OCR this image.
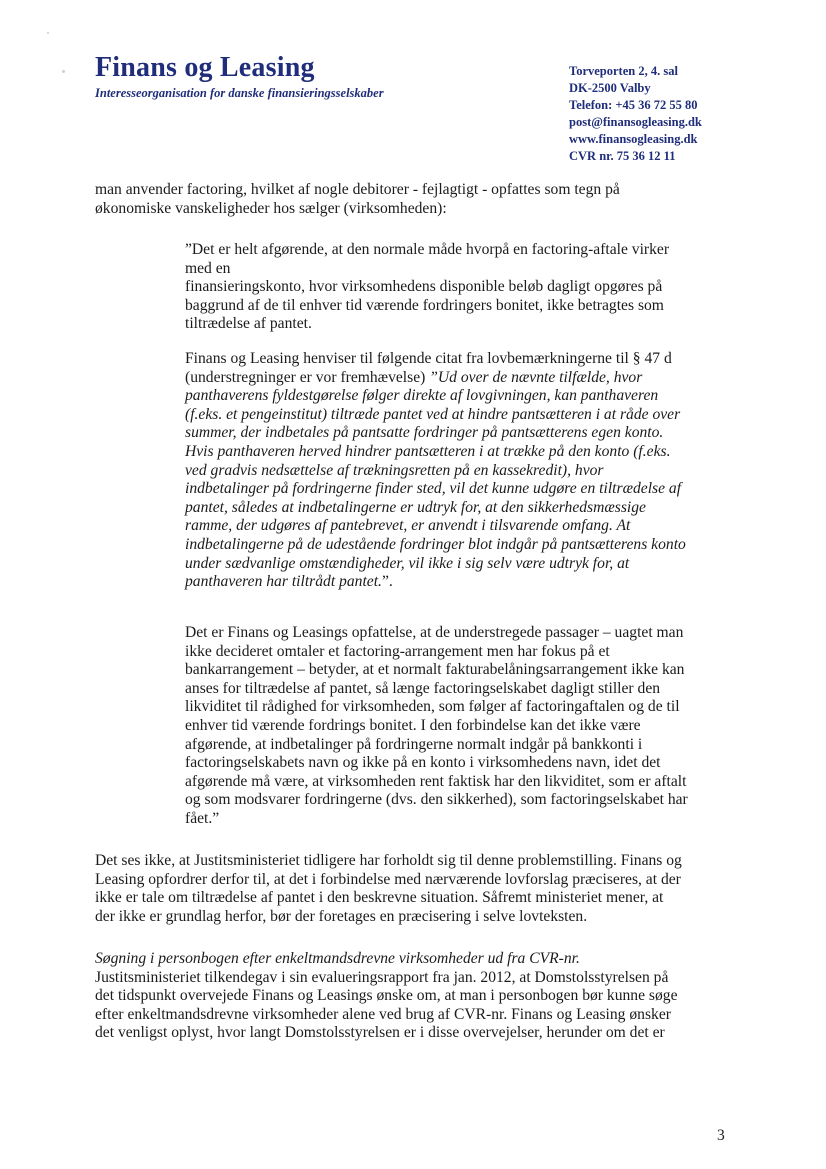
Finans og Leasing
Interesseorganisation for danske finansieringsselskaber
Torveporten 2, 4. sal
DK-2500 Valby
Telefon: +45 36 72 55 80
post@finansogleasing.dk
www.finansogleasing.dk
CVR nr. 75 36 12 11
man anvender factoring, hvilket af nogle debitorer - fejlagtigt - opfattes som tegn på
økonomiske vanskeligheder hos sælger (virksomheden):
”Det er helt afgørende, at den normale måde hvorpå en factoring-aftale virker
med en
finansieringskonto, hvor virksomhedens disponible beløb dagligt opgøres på
baggrund af de til enhver tid værende fordringers bonitet, ikke betragtes som
tiltrædelse af pantet.
Finans og Leasing henviser til følgende citat fra lovbemærkningerne til § 47 d
(understregninger er vor fremhævelse) ”Ud over de nævnte tilfælde, hvor
panthaverens fyldestgørelse følger direkte af lovgivningen, kan panthaveren
(f.eks. et pengeinstitut) tiltræde pantet ved at hindre pantsætteren i at råde over
summer, der indbetales på pantsatte fordringer på pantsætterens egen konto.
Hvis panthaveren herved hindrer pantsætteren i at trække på den konto (f.eks.
ved gradvis nedsættelse af trækningsretten på en kassekredit), hvor
indbetalinger på fordringerne finder sted, vil det kunne udgøre en tiltrædelse af
pantet, således at indbetalingerne er udtryk for, at den sikkerhedsmæssige
ramme, der udgøres af pantebrevet, er anvendt i tilsvarende omfang. At
indbetalingerne på de udestående fordringer blot indgår på pantsætterens konto
under sædvanlige omstændigheder, vil ikke i sig selv være udtryk for, at
panthaveren har tiltrådt pantet.”.
Det er Finans og Leasings opfattelse, at de understregede passager – uagtet man
ikke decideret omtaler et factoring-arrangement men har fokus på et
bankarrangement – betyder, at et normalt fakturabelåningsarrangement ikke kan
anses for tiltrædelse af pantet, så længe factoringselskabet dagligt stiller den
likviditet til rådighed for virksomheden, som følger af factoringaftalen og de til
enhver tid værende fordrings bonitet. I den forbindelse kan det ikke være
afgørende, at indbetalinger på fordringerne normalt indgår på bankkonti i
factoringselskabets navn og ikke på en konto i virksomhedens navn, idet det
afgørende må være, at virksomheden rent faktisk har den likviditet, som er aftalt
og som modsvarer fordringerne (dvs. den sikkerhed), som factoringselskabet har
fået.”
Det ses ikke, at Justitsministeriet tidligere har forholdt sig til denne problemstilling. Finans og
Leasing opfordrer derfor til, at det i forbindelse med nærværende lovforslag præciseres, at der
ikke er tale om tiltrædelse af pantet i den beskrevne situation. Såfremt ministeriet mener, at
der ikke er grundlag herfor, bør der foretages en præcisering i selve lovteksten.
Søgning i personbogen efter enkeltmandsdrevne virksomheder ud fra CVR-nr.
Justitsministeriet tilkendegav i sin evalueringsrapport fra jan. 2012, at Domstolsstyrelsen på
det tidspunkt overvejede Finans og Leasings ønske om, at man i personbogen bør kunne søge
efter enkeltmandsdrevne virksomheder alene ved brug af CVR-nr. Finans og Leasing ønsker
det venligst oplyst, hvor langt Domstolsstyrelsen er i disse overvejelser, herunder om det er
3
